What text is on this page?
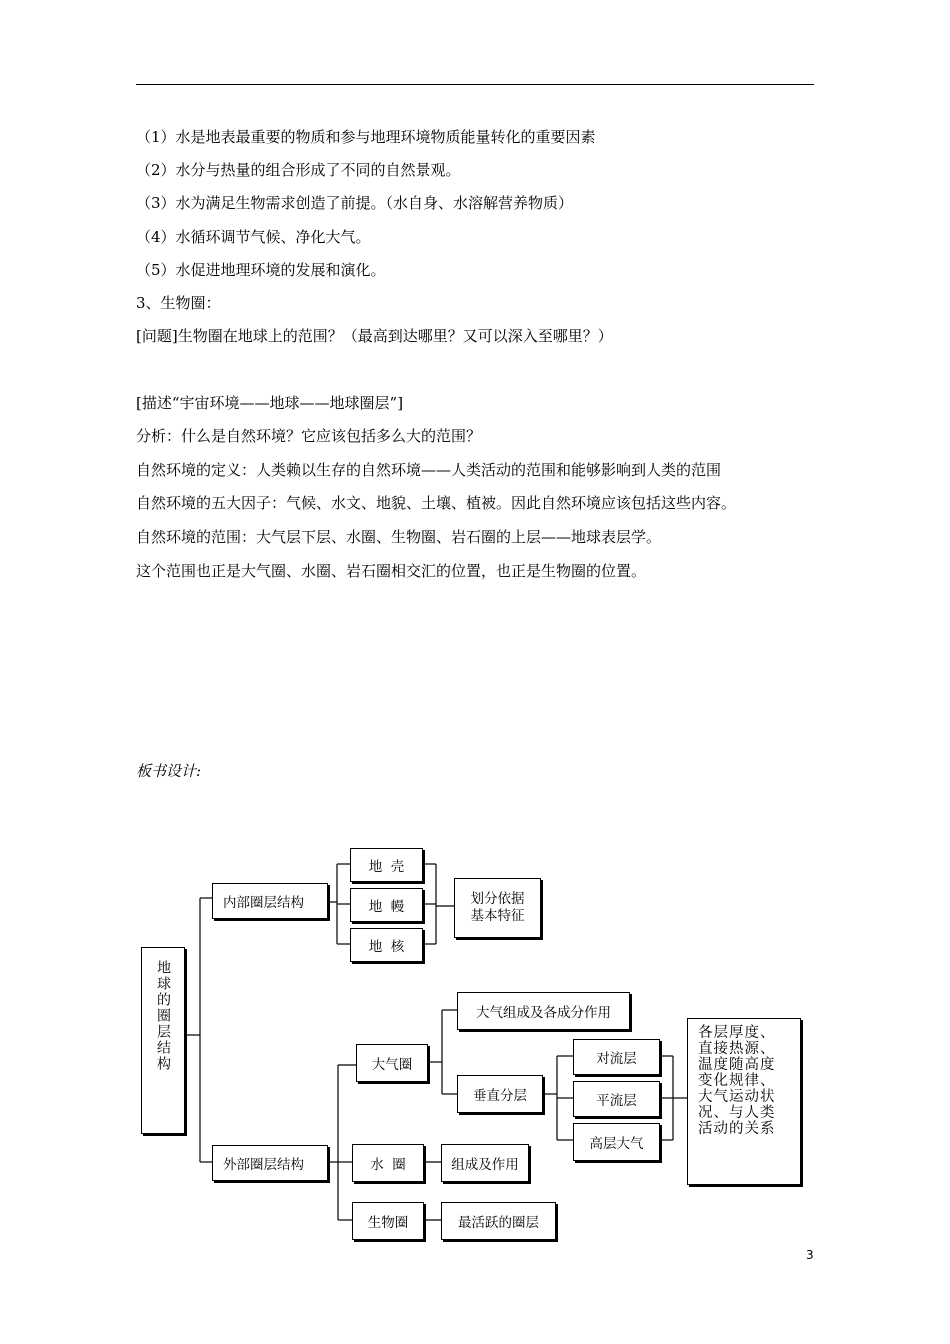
（1）水是地表最重要的物质和参与地理环境物质能量转化的重要因素
（2）水分与热量的组合形成了不同的自然景观。
（3）水为满足生物需求创造了前提。（水自身、水溶解营养物质）
（4）水循环调节气候、净化大气。
（5）水促进地理环境的发展和演化。
3、生物圈：
[问题]生物圈在地球上的范围？（最高到达哪里？又可以深入至哪里？）
[描述“宇宙环境——地球——地球圈层”]
分析：什么是自然环境？它应该包括多么大的范围？
自然环境的定义：人类赖以生存的自然环境——人类活动的范围和能够影响到人类的范围
自然环境的五大因子：气候、水文、地貌、土壤、植被。因此自然环境应该包括这些内容。
自然环境的范围：大气层下层、水圈、生物圈、岩石圈的上层——地球表层学。
这个范围也正是大气圈、水圈、岩石圈相交汇的位置，也正是生物圈的位置。
板书设计:
地球的圈层结构
内部圈层结构
地  壳
地  幔
地  核
划分依据
基本特征
外部圈层结构
大气圈
大气组成及各成分作用
垂直分层
对流层
平流层
高层大气
各层厚度、直接热源、温度随高度变化规律、大气运动状况、与人类活动的关系
水  圈	组成及作用
生物圈	最活跃的圈层
3
